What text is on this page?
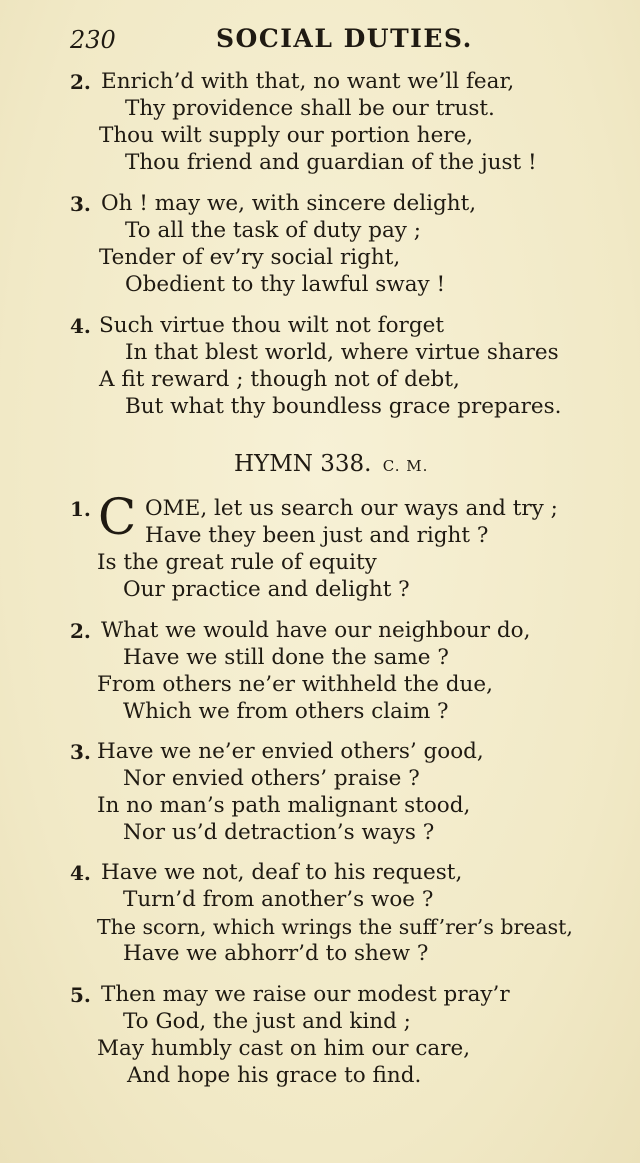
230	SOCIAL DUTIES.
2. Enrich’d with that, no want we’ll fear,
Thy providence shall be our trust.
Thou wilt supply our portion here,
Thou friend and guardian of the just !
3. Oh ! may we, with sincere delight,
To all the task of duty pay ;
Tender of ev’ry social right,
Obedient to thy lawful sway !
4. Such virtue thou wilt not forget
In that blest world, where virtue shares
A fit reward ; though not of debt,
But what thy boundless grace prepares.
HYMN 338. C. M.
1. C OME, let us search our ways and try ;
Have they been just and right ?
Is the great rule of equity
Our practice and delight ?
2. What we would have our neighbour do,
Have we still done the same ?
From others ne’er withheld the due,
Which we from others claim ?
3. Have we ne’er envied others’ good,
Nor envied others’ praise ?
In no man’s path malignant stood,
Nor us’d detraction’s ways ?
4. Have we not, deaf to his request,
Turn’d from another’s woe ?
The scorn, which wrings the suff’rer’s breast,
Have we abhorr’d to shew ?
5. Then may we raise our modest pray’r
To God, the just and kind ;
May humbly cast on him our care,
And hope his grace to find.
